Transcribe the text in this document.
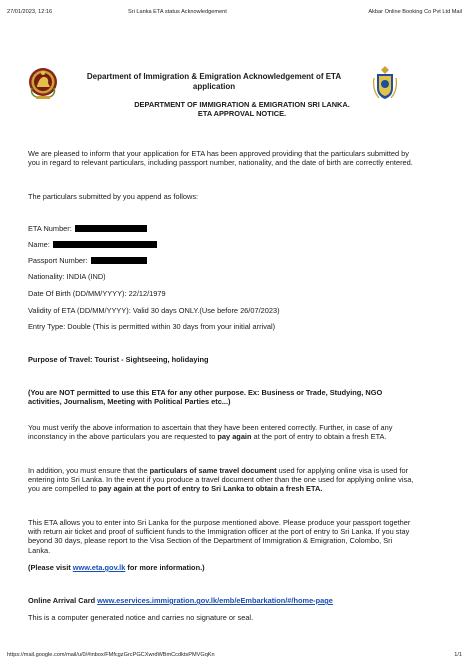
27/01/2023, 12:16	Sri Lanka ETA status Acknowledgement	Akbar Online Booking Co Pvt Ltd Mail
Department of Immigration & Emigration Acknowledgement of ETA
application
DEPARTMENT OF IMMIGRATION & EMIGRATION SRI LANKA.
ETA APPROVAL NOTICE.
We are pleased to inform that your application for ETA has been approved providing that the particulars submitted by
you in regard to relevant particulars, including passport number, nationality, and the date of birth are correctly entered.
The particulars submitted by you append as follows:
ETA Number:
Name:
Passport Number:
Nationality: INDIA (IND)
Date Of Birth (DD/MM/YYYY): 22/12/1979
Validity of ETA (DD/MM/YYYY): Valid 30 days ONLY.(Use before 26/07/2023)
Entry Type: Double (This is permitted within 30 days from your initial arrival)
Purpose of Travel: Tourist - Sightseeing, holidaying
(You are NOT permitted to use this ETA for any other purpose. Ex: Business or Trade, Studying, NGO
activities, Journalism, Meeting with Political Parties etc...)
You must verify the above information to ascertain that they have been entered correctly. Further, in case of any
inconstancy in the above particulars you are requested to pay again at the port of entry to obtain a fresh ETA.
In addition, you must ensure that the particulars of same travel document used for applying online visa is used for
entering into Sri Lanka. In the event if you produce a travel document other than the one used for applying online visa,
you are compelled to pay again at the port of entry to Sri Lanka to obtain a fresh ETA.
This ETA allows you to enter into Sri Lanka for the purpose mentioned above. Please produce your passport together
with return air ticket and proof of sufficient funds to the Immigration officer at the port of entry to Sri Lanka. If you stay
beyond 30 days, please report to the Visa Section of the Department of Immigration & Emigration, Colombo, Sri
Lanka.
(Please visit www.eta.gov.lk for more information.)
Online Arrival Card www.eservices.immigration.gov.lk/emb/eEmbarkation/#/home-page
This is a computer generated notice and carries no signature or seal.
https://mail.google.com/mail/u/0/#inbox/FMfcgzGrcPGCXwrdWBmCcdktsPMVGqKn	1/1
